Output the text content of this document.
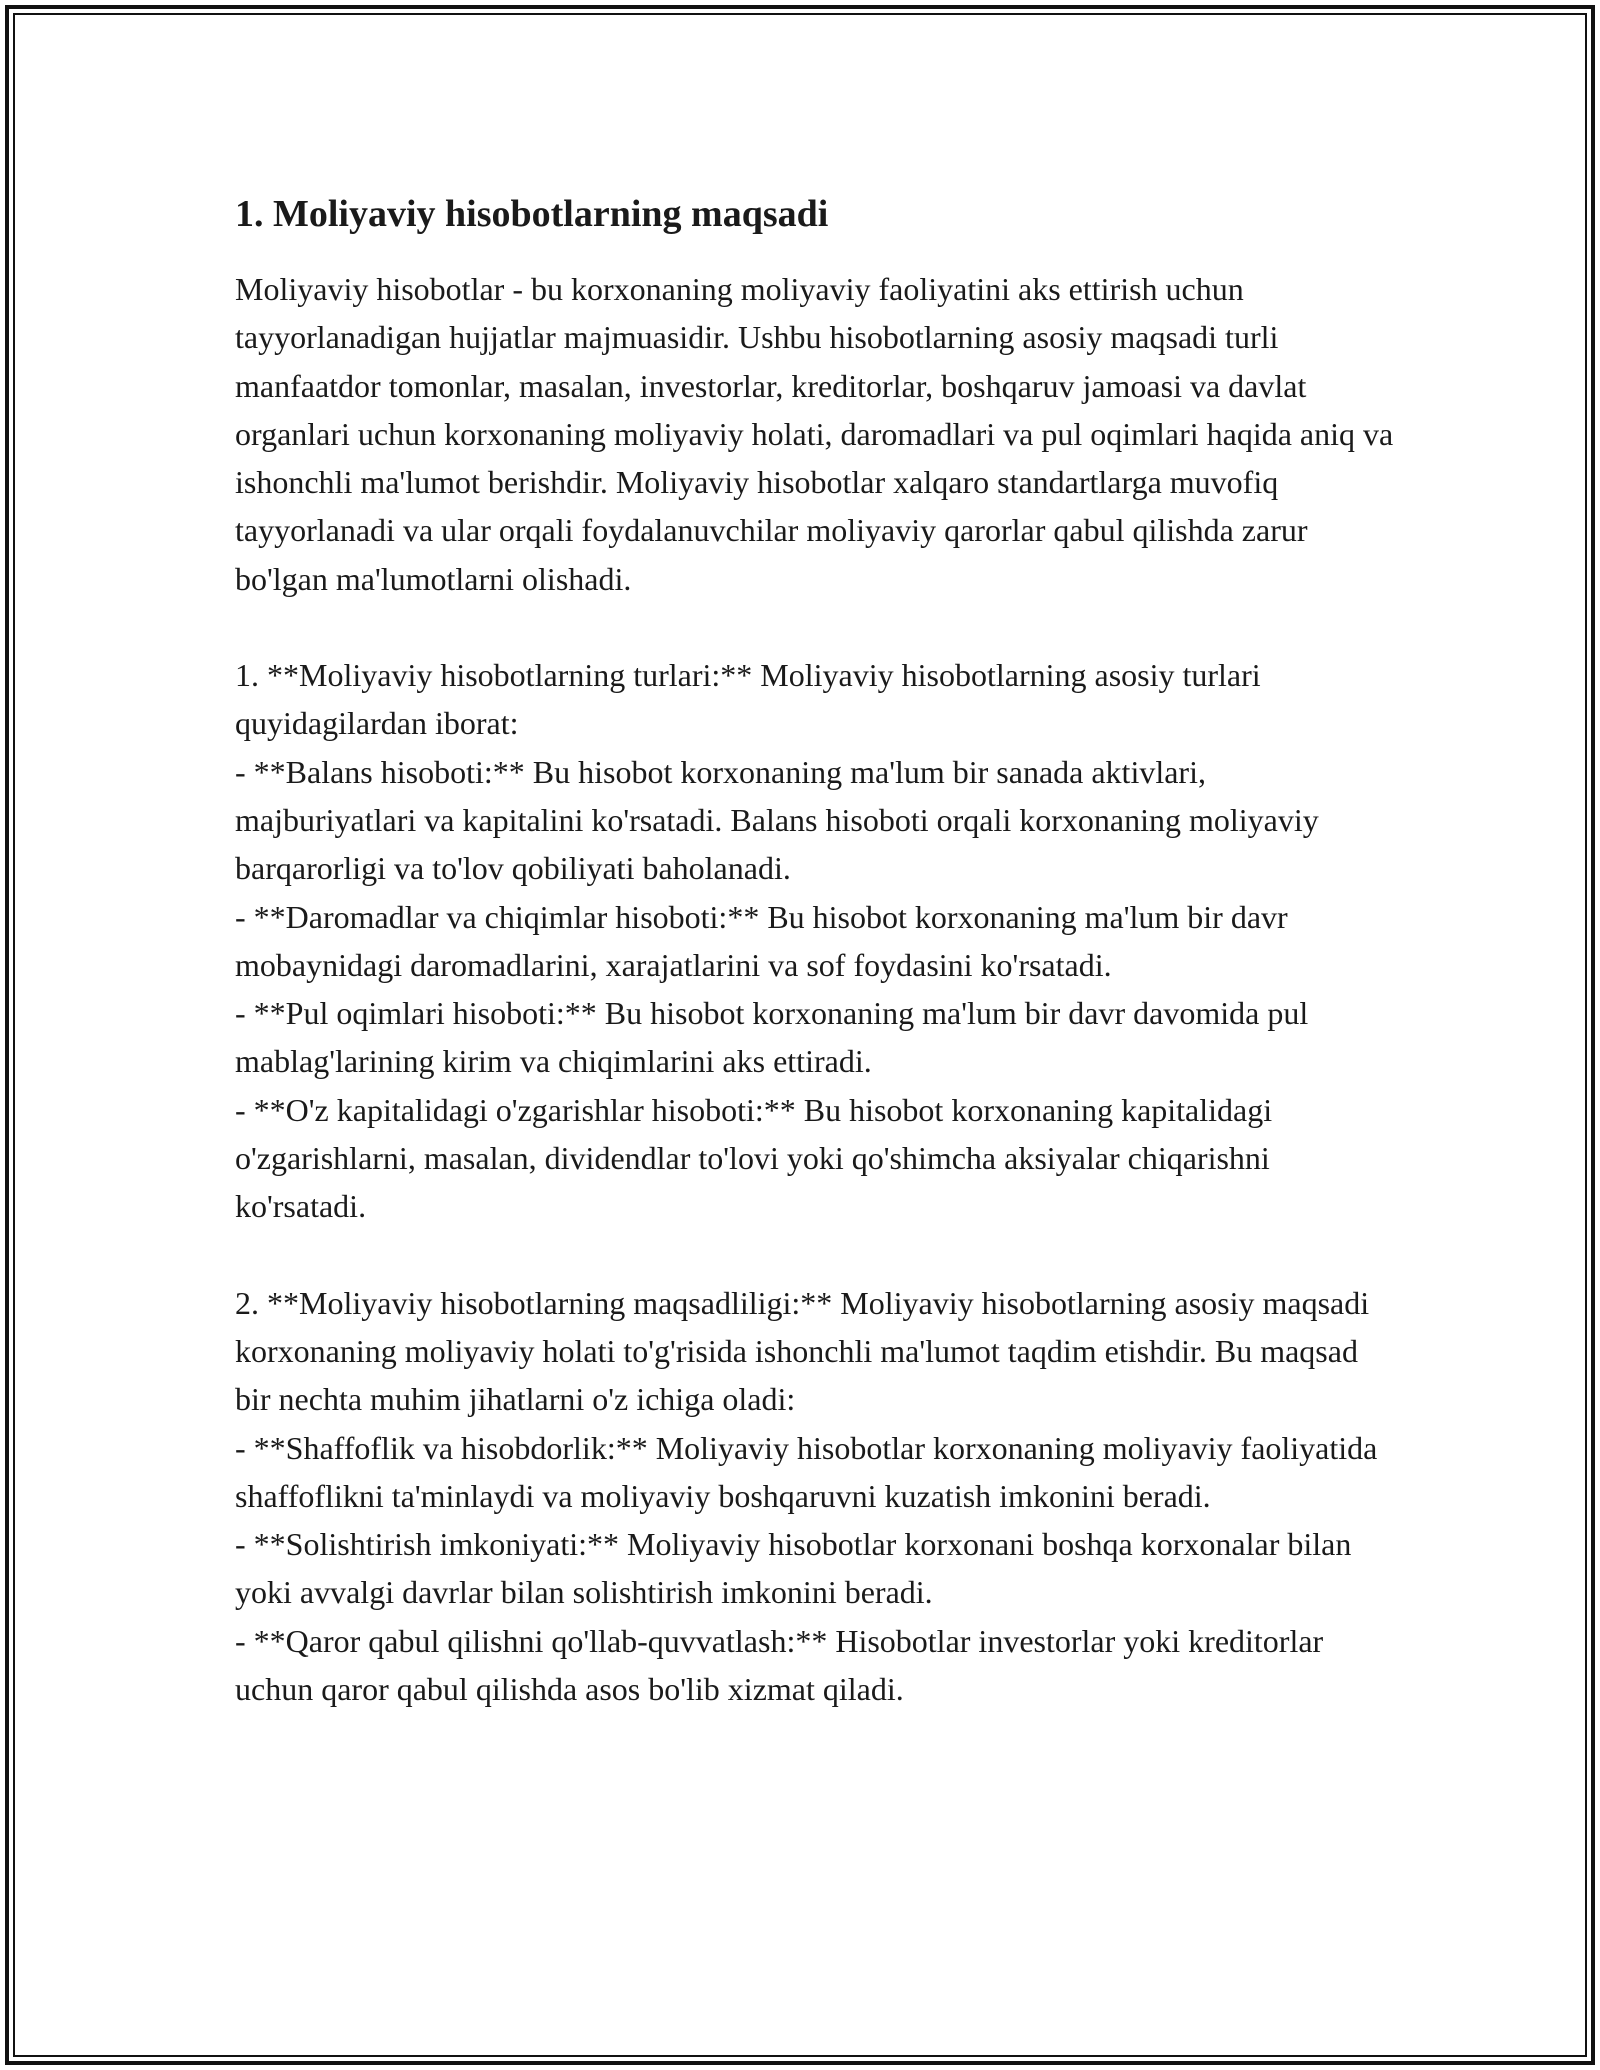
1. Moliyaviy hisobotlarning maqsadi

Moliyaviy hisobotlar - bu korxonaning moliyaviy faoliyatini aks ettirish uchun tayyorlanadigan hujjatlar majmuasidir. Ushbu hisobotlarning asosiy maqsadi turli manfaatdor tomonlar, masalan, investorlar, kreditorlar, boshqaruv jamoasi va davlat organlari uchun korxonaning moliyaviy holati, daromadlari va pul oqimlari haqida aniq va ishonchli ma'lumot berishdir. Moliyaviy hisobotlar xalqaro standartlarga muvofiq tayyorlanadi va ular orqali foydalanuvchilar moliyaviy qarorlar qabul qilishda zarur bo'lgan ma'lumotlarni olishadi.

1. **Moliyaviy hisobotlarning turlari:** Moliyaviy hisobotlarning asosiy turlari quyidagilardan iborat:

- **Balans hisoboti:** Bu hisobot korxonaning ma'lum bir sanada aktivlari, majburiyatlari va kapitalini ko'rsatadi. Balans hisoboti orqali korxonaning moliyaviy barqarorligi va to'lov qobiliyati baholanadi.

- **Daromadlar va chiqimlar hisoboti:** Bu hisobot korxonaning ma'lum bir davr mobaynidagi daromadlarini, xarajatlarini va sof foydasini ko'rsatadi.

- **Pul oqimlari hisoboti:** Bu hisobot korxonaning ma'lum bir davr davomida pul mablag'larining kirim va chiqimlarini aks ettiradi.

- **O'z kapitalidagi o'zgarishlar hisoboti:** Bu hisobot korxonaning kapitalidagi o'zgarishlarni, masalan, dividendlar to'lovi yoki qo'shimcha aksiyalar chiqarishni ko'rsatadi.

2. **Moliyaviy hisobotlarning maqsadliligi:** Moliyaviy hisobotlarning asosiy maqsadi korxonaning moliyaviy holati to'g'risida ishonchli ma'lumot taqdim etishdir. Bu maqsad bir nechta muhim jihatlarni o'z ichiga oladi:

- **Shaffoflik va hisobdorlik:** Moliyaviy hisobotlar korxonaning moliyaviy faoliyatida shaffoflikni ta'minlaydi va moliyaviy boshqaruvni kuzatish imkonini beradi.

- **Solishtirish imkoniyati:** Moliyaviy hisobotlar korxonani boshqa korxonalar bilan yoki avvalgi davrlar bilan solishtirish imkonini beradi.

- **Qaror qabul qilishni qo'llab-quvvatlash:** Hisobotlar investorlar yoki kreditorlar uchun qaror qabul qilishda asos bo'lib xizmat qiladi.
